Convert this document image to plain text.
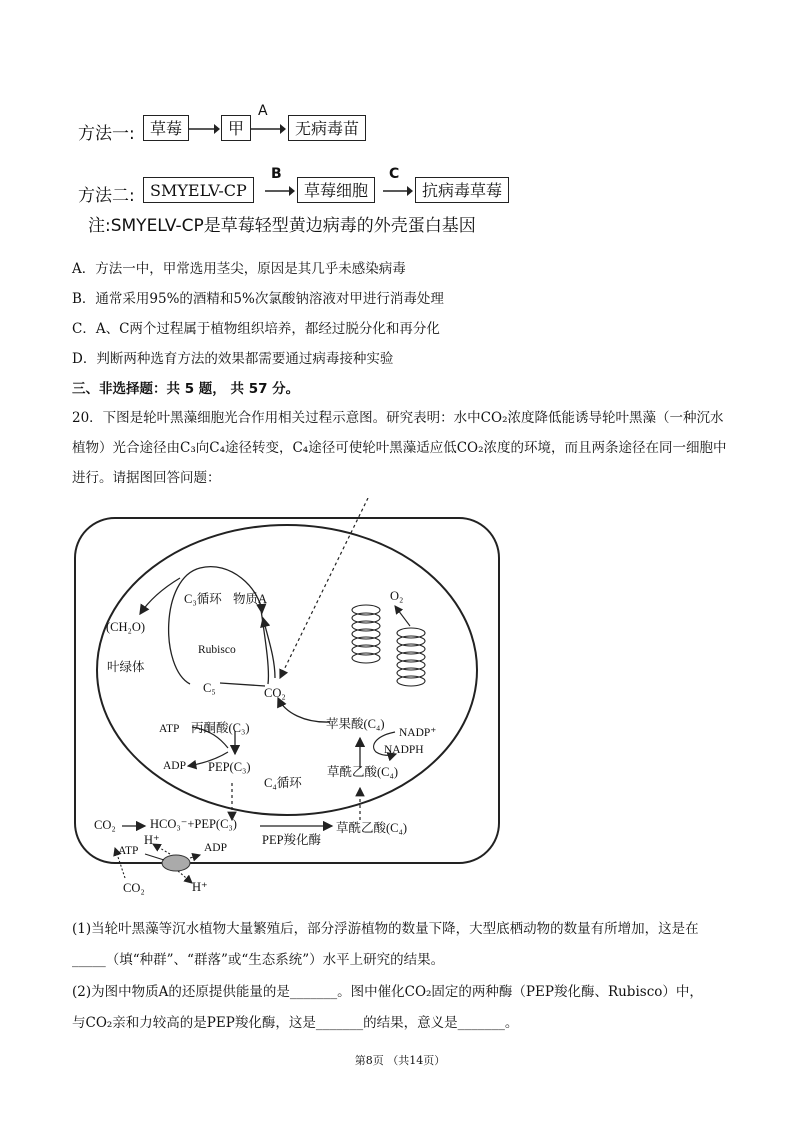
方法一: 草莓	甲
A
无病毒苗
方法二: SMYELV-CP
B
草莓细胞
C
抗病毒草莓
注:SMYELV-CP是草莓轻型黄边病毒的外壳蛋白基因
A．方法一中，甲常选用茎尖，原因是其几乎未感染病毒
B．通常采用95%的酒精和5%次氯酸钠溶液对甲进行消毒处理
C．A、C两个过程属于植物组织培养，都经过脱分化和再分化
D．判断两种选育方法的效果都需要通过病毒接种实验
三、非选择题：共 5 题， 共 57 分。
20．下图是轮叶黑藻细胞光合作用相关过程示意图。研究表明：水中CO₂浓度降低能诱导轮叶黑藻（一种沉水植物）光合途径由C₃向C₄途径转变，C₄途径可使轮叶黑藻适应低CO₂浓度的环境，而且两条途径在同一细胞中进行。请据图回答问题：
C₃循环 物质A
(CH₂O)
Rubisco
叶绿体
C₅	CO₂
O₂
ATP 丙酮酸(C₃)	苹果酸(C₄)
NADP⁺
NADPH
ADP PEP(C₃)
C₄循环
草酰乙酸(C₄)
CO₂	HCO₃⁻+PEP(C₃)
PEP羧化酶
草酰乙酸(C₄)
H⁺
ATP	ADP
CO₂	H⁺
(1)当轮叶黑藻等沉水植物大量繁殖后，部分浮游植物的数量下降，大型底栖动物的数量有所增加，这是在
_____（填“种群”、“群落”或“生态系统”）水平上研究的结果。
(2)为图中物质A的还原提供能量的是_______。图中催化CO₂固定的两种酶（PEP羧化酶、Rubisco）中，
与CO₂亲和力较高的是PEP羧化酶，这是_______的结果，意义是_______。
第8页 （共14页）
